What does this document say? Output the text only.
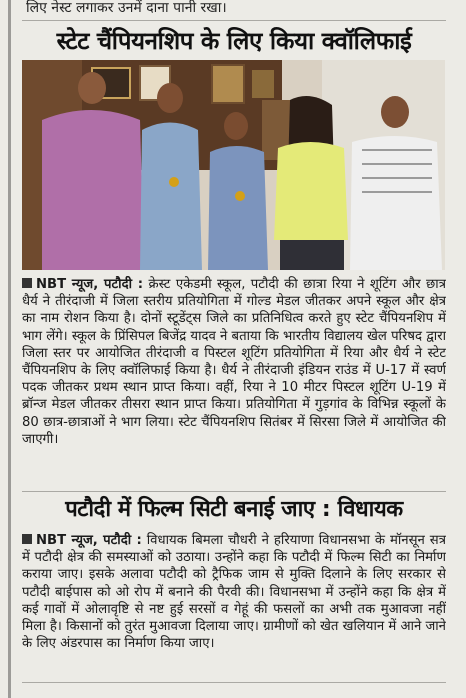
लिए नेस्ट लगाकर उनमें दाना पानी रखा।
स्टेट चैंपियनशिप के लिए किया क्वॉलिफाई

NBT न्यूज, पटौदी : क्रेस्ट एकेडमी स्कूल, पटौदी की छात्रा रिया ने शूटिंग और छात्र धैर्य ने तीरंदाजी में जिला स्तरीय प्रतियोगिता में गोल्ड मेडल जीतकर अपने स्कूल और क्षेत्र का नाम रोशन किया है। दोनों स्टूडेंट्स जिले का प्रतिनिधित्व करते हुए स्टेट चैंपियनशिप में भाग लेंगे। स्कूल के प्रिंसिपल बिजेंद्र यादव ने बताया कि भारतीय विद्यालय खेल परिषद द्वारा जिला स्तर पर आयोजित तीरंदाजी व पिस्टल शूटिंग प्रतियोगिता में रिया और धैर्य ने स्टेट चैंपियनशिप के लिए क्वॉलिफाई किया है। धैर्य ने तीरंदाजी इंडियन राउंड में U-17 में स्वर्ण पदक जीतकर प्रथम स्थान प्राप्त किया। वहीं, रिया ने 10 मीटर पिस्टल शूटिंग U-19 में ब्रॉन्ज मेडल जीतकर तीसरा स्थान प्राप्त किया। प्रतियोगिता में गुड़गांव के विभिन्न स्कूलों के 80 छात्र-छात्राओं ने भाग लिया। स्टेट चैंपियनशिप सितंबर में सिरसा जिले में आयोजित की जाएगी।

पटौदी में फिल्म सिटी बनाई जाए : विधायक

NBT न्यूज, पटौदी : विधायक बिमला चौधरी ने हरियाणा विधानसभा के मॉनसून सत्र में पटौदी क्षेत्र की समस्याओं को उठाया। उन्होंने कहा कि पटौदी में फिल्म सिटी का निर्माण कराया जाए। इसके अलावा पटौदी को ट्रैफिक जाम से मुक्ति दिलाने के लिए सरकार से पटौदी बाईपास को ओ रोप में बनाने की पैरवी की। विधानसभा में उन्होंने कहा कि क्षेत्र में कई गावों में ओलावृष्टि से नष्ट हुई सरसों व गेहूं की फसलों का अभी तक मुआवजा नहीं मिला है। किसानों को तुरंत मुआवजा दिलाया जाए। ग्रामीणों को खेत खलियान में आने जाने के लिए अंडरपास का निर्माण किया जाए।
